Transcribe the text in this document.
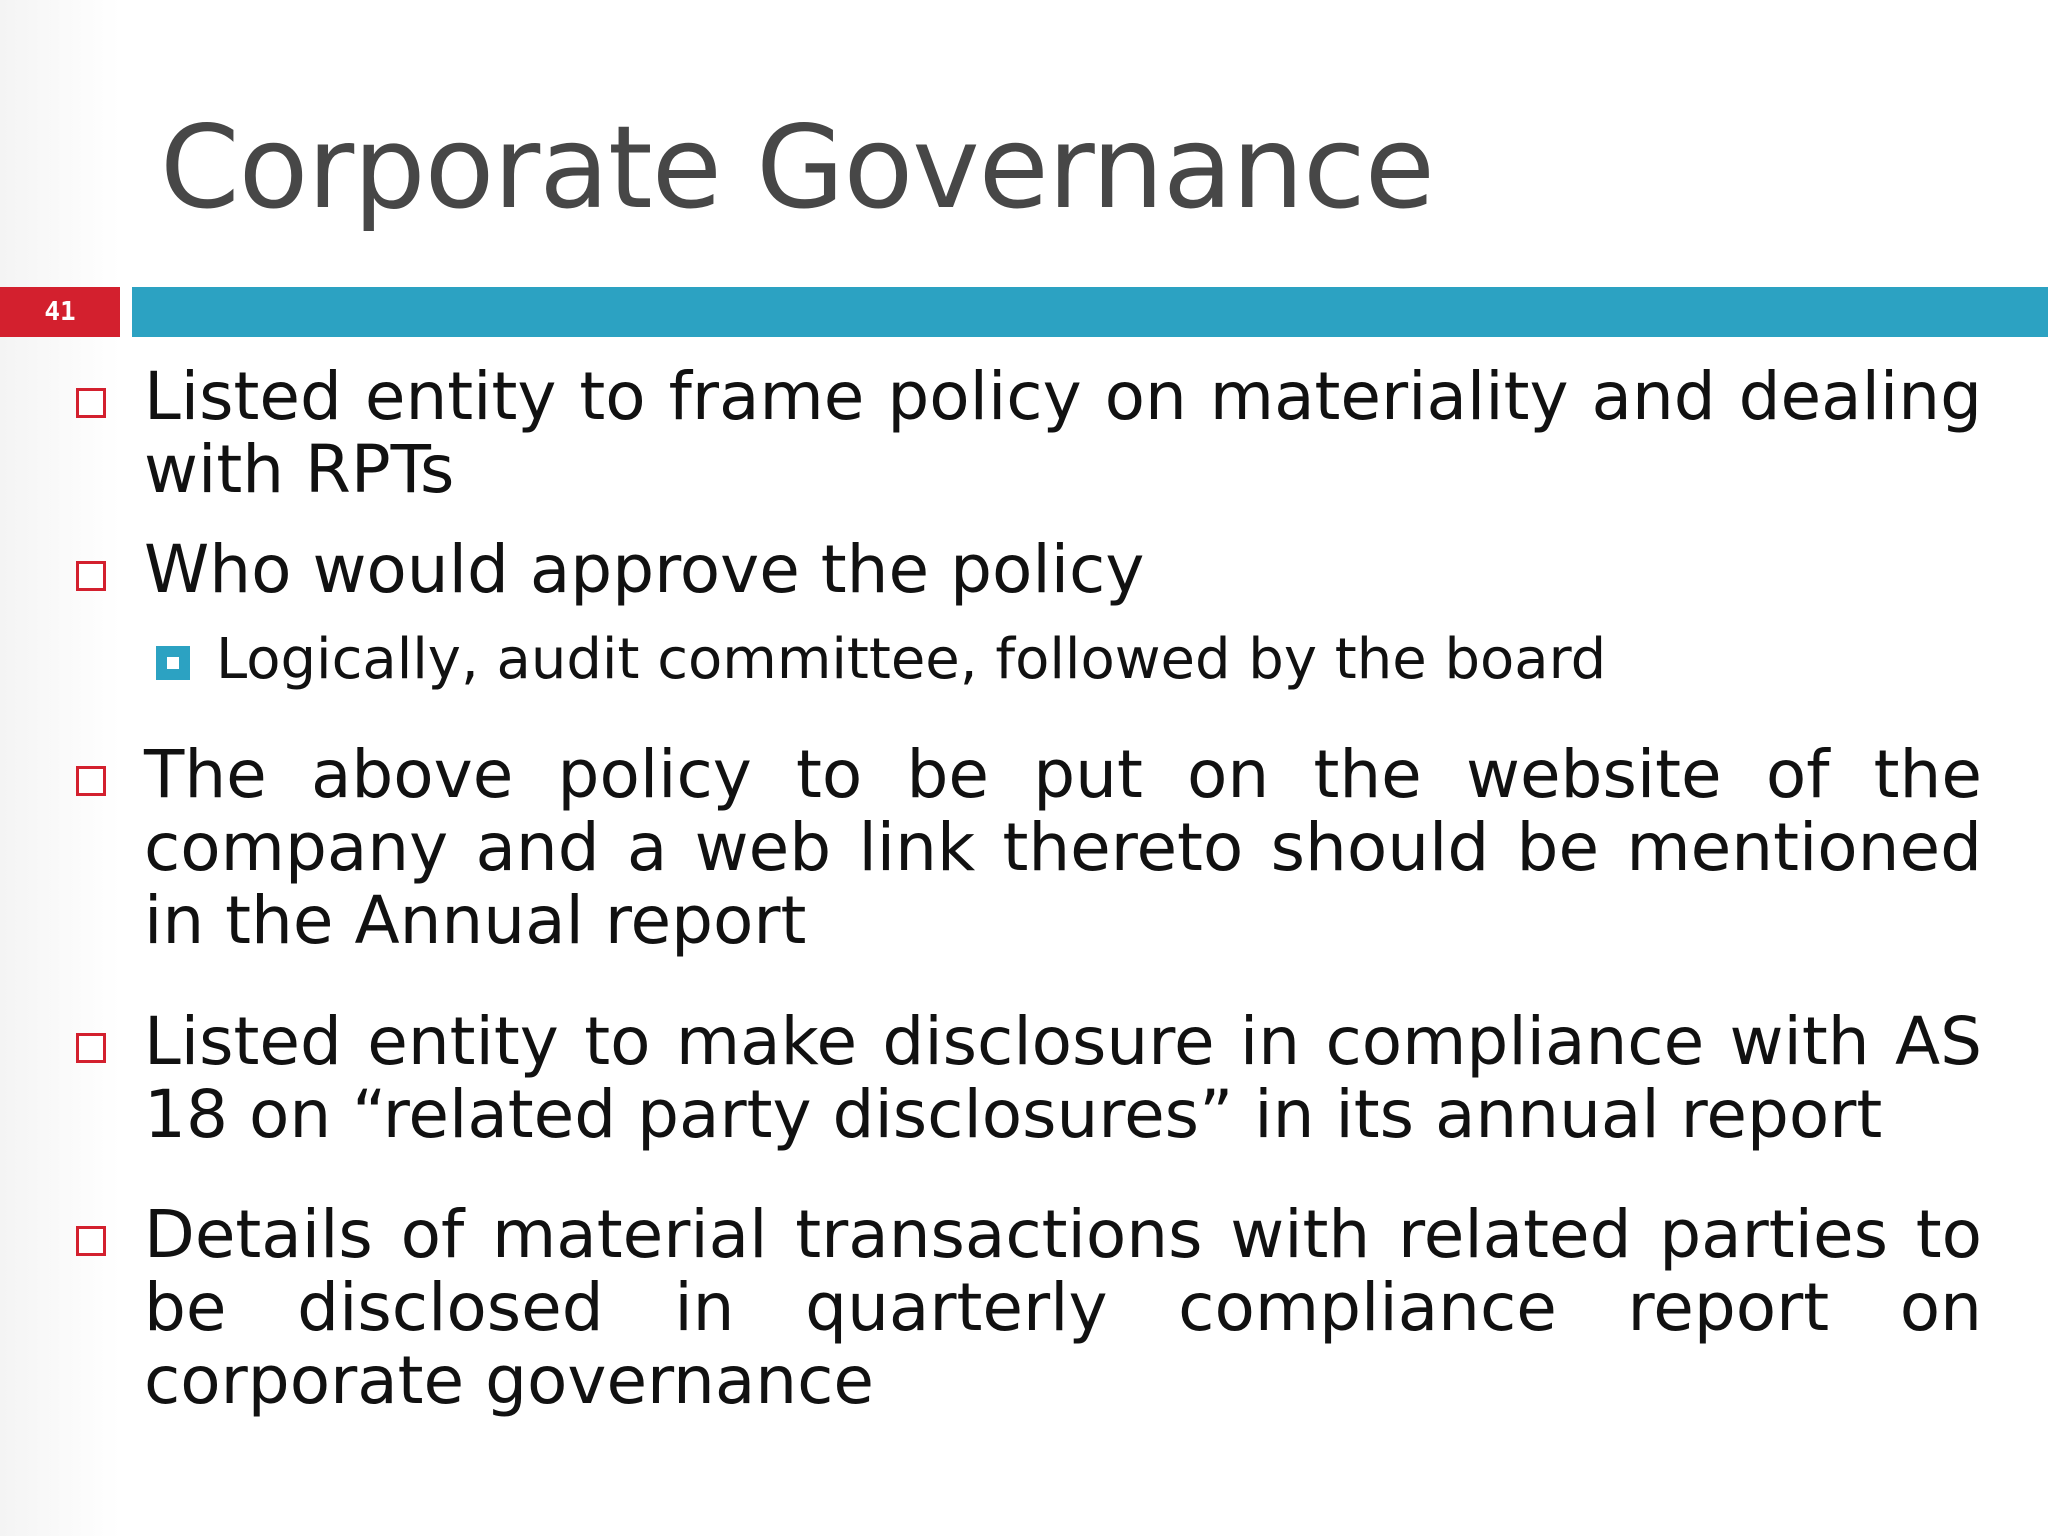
Corporate Governance
41
Listed entity to frame policy on materiality and dealing with RPTs
Who would approve the policy
Logically, audit committee, followed by the board
The above policy to be put on the website of the company and a web link thereto should be mentioned in the Annual report
Listed entity to make disclosure in compliance with AS 18 on “related party disclosures” in its annual report
Details of material transactions with related parties to be disclosed in quarterly compliance report on corporate governance
